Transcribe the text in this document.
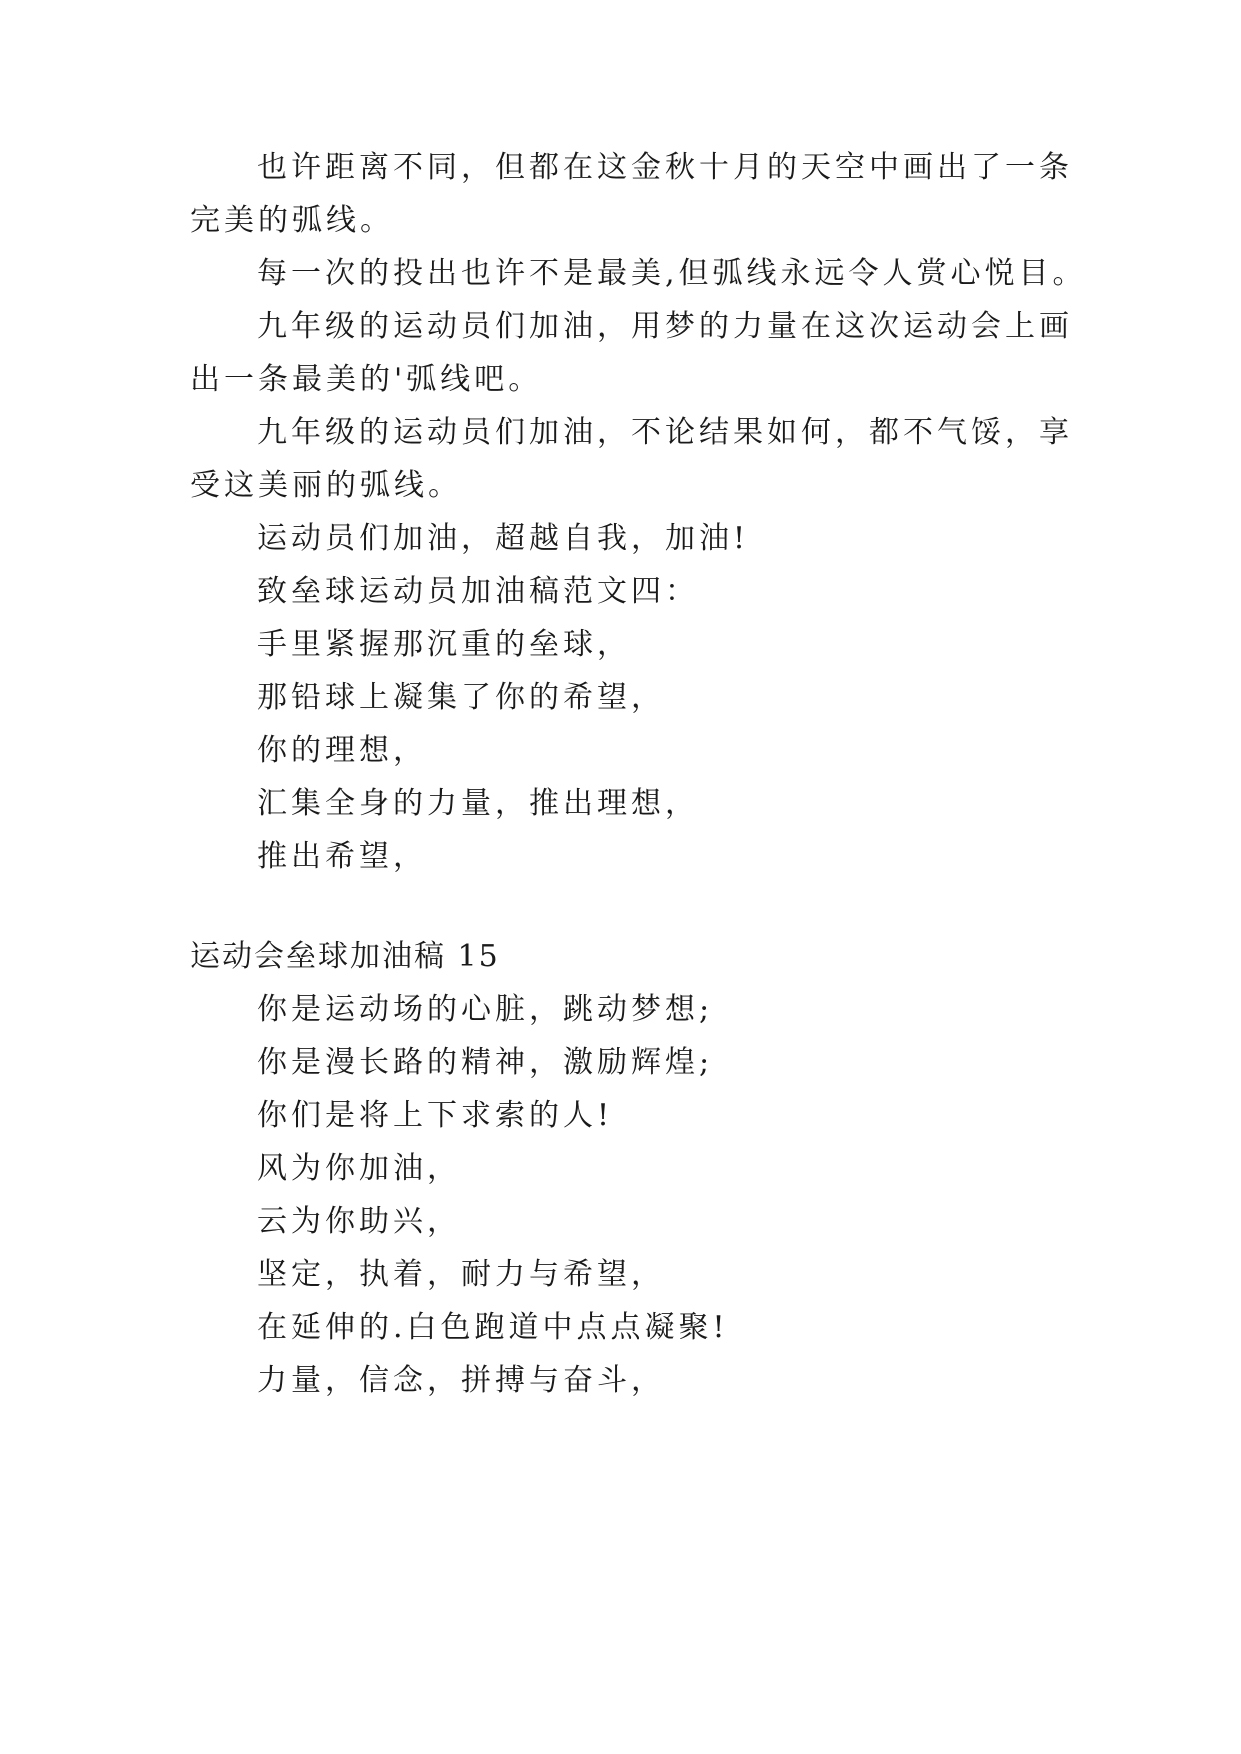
也许距离不同，但都在这金秋十月的天空中画出了一条
完美的弧线。
每一次的投出也许不是最美,但弧线永远令人赏心悦目。
九年级的运动员们加油，用梦的力量在这次运动会上画
出一条最美的'弧线吧。
九年级的运动员们加油，不论结果如何，都不气馁，享
受这美丽的弧线。
运动员们加油，超越自我，加油!
致垒球运动员加油稿范文四：
手里紧握那沉重的垒球，
那铅球上凝集了你的希望，
你的理想，
汇集全身的力量，推出理想，
推出希望，
运动会垒球加油稿 15
你是运动场的心脏，跳动梦想;
你是漫长路的精神，激励辉煌;
你们是将上下求索的人!
风为你加油，
云为你助兴，
坚定，执着，耐力与希望，
在延伸的.白色跑道中点点凝聚!
力量，信念，拼搏与奋斗，
